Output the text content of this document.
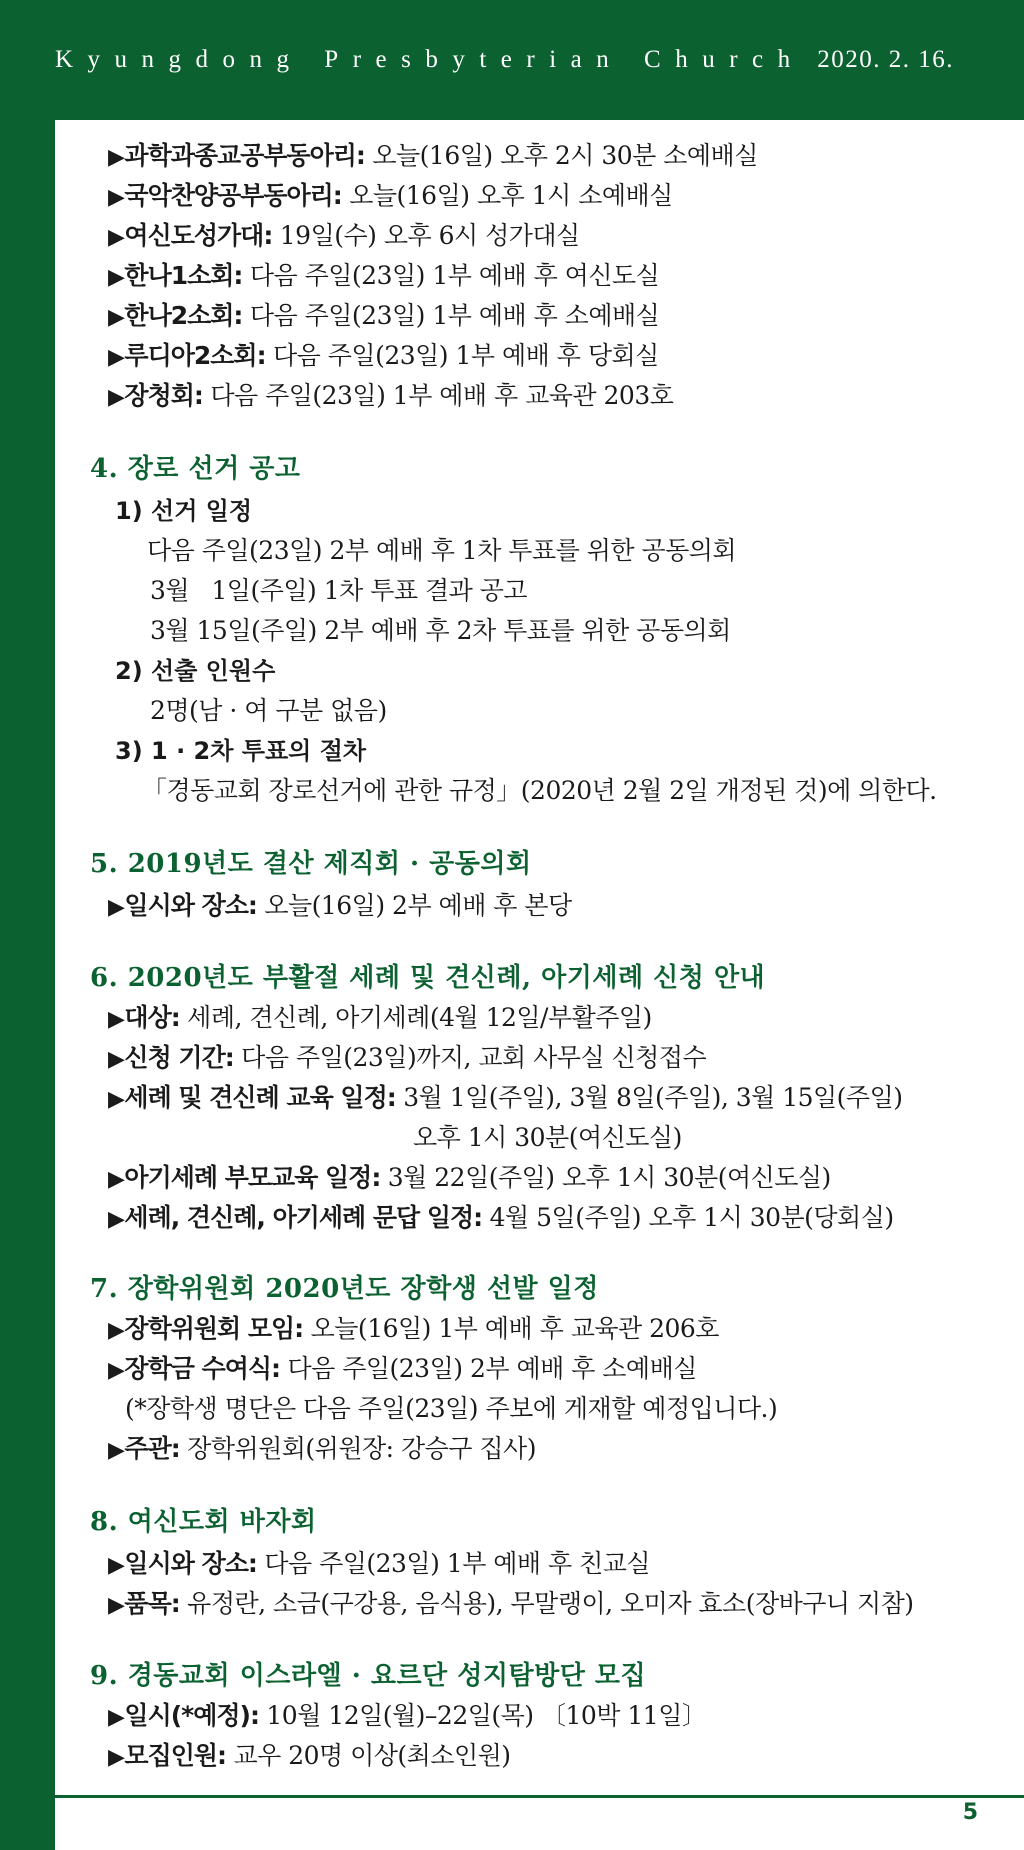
Kyungdong Presbyterian Church 2020. 2. 16.
▶과학과종교공부동아리: 오늘(16일) 오후 2시 30분 소예배실
▶국악찬양공부동아리: 오늘(16일) 오후 1시 소예배실
▶여신도성가대: 19일(수) 오후 6시 성가대실
▶한나1소회: 다음 주일(23일) 1부 예배 후 여신도실
▶한나2소회: 다음 주일(23일) 1부 예배 후 소예배실
▶루디아2소회: 다음 주일(23일) 1부 예배 후 당회실
▶장청회: 다음 주일(23일) 1부 예배 후 교육관 203호
4. 장로 선거 공고
1) 선거 일정
다음 주일(23일) 2부 예배 후 1차 투표를 위한 공동의회
3월   1일(주일) 1차 투표 결과 공고
3월 15일(주일) 2부 예배 후 2차 투표를 위한 공동의회
2) 선출 인원수
2명(남 · 여 구분 없음)
3) 1 · 2차 투표의 절차
「경동교회 장로선거에 관한 규정」(2020년 2월 2일 개정된 것)에 의한다.
5. 2019년도 결산 제직회 · 공동의회
▶일시와 장소: 오늘(16일) 2부 예배 후 본당
6. 2020년도 부활절 세례 및 견신례, 아기세례 신청 안내
▶대상: 세례, 견신례, 아기세례(4월 12일/부활주일)
▶신청 기간: 다음 주일(23일)까지, 교회 사무실 신청접수
▶세례 및 견신례 교육 일정: 3월 1일(주일), 3월 8일(주일), 3월 15일(주일)
오후 1시 30분(여신도실)
▶아기세례 부모교육 일정: 3월 22일(주일) 오후 1시 30분(여신도실)
▶세례, 견신례, 아기세례 문답 일정: 4월 5일(주일) 오후 1시 30분(당회실)
7. 장학위원회 2020년도 장학생 선발 일정
▶장학위원회 모임: 오늘(16일) 1부 예배 후 교육관 206호
▶장학금 수여식: 다음 주일(23일) 2부 예배 후 소예배실
(*장학생 명단은 다음 주일(23일) 주보에 게재할 예정입니다.)
▶주관: 장학위원회(위원장: 강승구 집사)
8. 여신도회 바자회
▶일시와 장소: 다음 주일(23일) 1부 예배 후 친교실
▶품목: 유정란, 소금(구강용, 음식용), 무말랭이, 오미자 효소(장바구니 지참)
9. 경동교회 이스라엘 · 요르단 성지탐방단 모집
▶일시(*예정): 10월 12일(월)–22일(목) 〔10박 11일〕
▶모집인원: 교우 20명 이상(최소인원)
5
